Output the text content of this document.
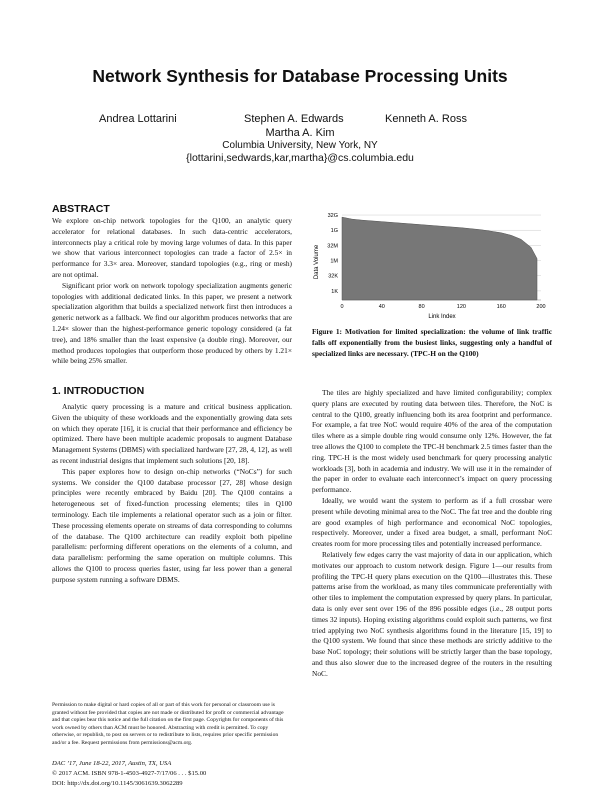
Network Synthesis for Database Processing Units
Andrea Lottarini	Stephen A. Edwards	Kenneth A. Ross
Martha A. Kim
Columbia University, New York, NY
{lottarini,sedwards,kar,martha}@cs.columbia.edu
ABSTRACT

We explore on-chip network topologies for the Q100, an analytic query accelerator for relational databases. In such data-centric accelerators, interconnects play a critical role by moving large volumes of data. In this paper we show that various interconnect topologies can trade a factor of 2.5× in performance for 3.3× area. Moreover, standard topologies (e.g., ring or mesh) are not optimal.

Significant prior work on network topology specialization augments generic topologies with additional dedicated links. In this paper, we present a network specialization algorithm that builds a specialized network first then introduces a generic network as a fallback. We find our algorithm produces networks that are 1.24× slower than the highest-performance generic topology considered (a fat tree), and 18% smaller than the least expensive (a double ring). Moreover, our method produces topologies that outperform those produced by others by 1.21× while being 25% smaller.

1. INTRODUCTION

Analytic query processing is a mature and critical business application. Given the ubiquity of these workloads and the exponentially growing data sets on which they operate [16], it is crucial that their performance and efficiency be optimized. There have been multiple academic proposals to augment Database Management Systems (DBMS) with specialized hardware [27, 28, 4, 12], as well as recent industrial designs that implement such solutions [20, 18].

This paper explores how to design on-chip networks (“NoCs”) for such systems. We consider the Q100 database processor [27, 28] whose design principles were recently embraced by Baidu [20]. The Q100 contains a heterogeneous set of fixed-function processing elements; tiles in Q100 terminology. Each tile implements a relational operator such as a join or filter. These processing elements operate on streams of data corresponding to columns of the database. The Q100 architecture can readily exploit both pipeline parallelism: performing different operations on the elements of a column, and data parallelism: performing the same operation on multiple columns. This allows the Q100 to process queries faster, using far less power than a general purpose system running a software DBMS.

Permission to make digital or hard copies of all or part of this work for personal or classroom use is granted without fee provided that copies are not made or distributed for profit or commercial advantage and that copies bear this notice and the full citation on the first page. Copyrights for components of this work owned by others than ACM must be honored. Abstracting with credit is permitted. To copy otherwise, or republish, to post on servers or to redistribute to lists, requires prior specific permission and/or a fee. Request permissions from permissions@acm.org.
DAC ’17, June 18-22, 2017, Austin, TX, USA
© 2017 ACM. ISBN 978-1-4503-4927-7/17/06 . . . $15.00
DOI: http://dx.doi.org/10.1145/3061639.3062289
1K
32K
1M
32M
1G
32G
0	40	80	120	160	200
Data Volume
Link Index
Figure 1: Motivation for limited specialization: the volume of link traffic falls off exponentially from the busiest links, suggesting only a handful of specialized links are necessary. (TPC-H on the Q100)

The tiles are highly specialized and have limited configurability; complex query plans are executed by routing data between tiles. Therefore, the NoC is central to the Q100, greatly influencing both its area footprint and performance. For example, a fat tree NoC would require 40% of the area of the computation tiles where as a simple double ring would consume only 12%. However, the fat tree allows the Q100 to complete the TPC-H benchmark 2.5 times faster than the ring. TPC-H is the most widely used benchmark for query processing analytic workloads [3], both in academia and industry. We will use it in the remainder of the paper in order to evaluate each interconnect’s impact on query processing performance.

Ideally, we would want the system to perform as if a full crossbar were present while devoting minimal area to the NoC. The fat tree and the double ring are good examples of high performance and economical NoC topologies, respectively. Moreover, under a fixed area budget, a small, performant NoC creates room for more processing tiles and potentially increased performance.

Relatively few edges carry the vast majority of data in our application, which motivates our approach to custom network design. Figure 1—our results from profiling the TPC-H query plans execution on the Q100—illustrates this. These patterns arise from the workload, as many tiles communicate preferentially with other tiles to implement the computation expressed by query plans. In particular, data is only ever sent over 196 of the 896 possible edges (i.e., 28 output ports times 32 inputs). Hoping existing algorithms could exploit such patterns, we first tried applying two NoC synthesis algorithms found in the literature [15, 19] to the Q100 system. We found that since these methods are strictly additive to the base NoC topology; their solutions will be strictly larger than the base topology, and thus also slower due to the increased degree of the routers in the resulting NoC.
